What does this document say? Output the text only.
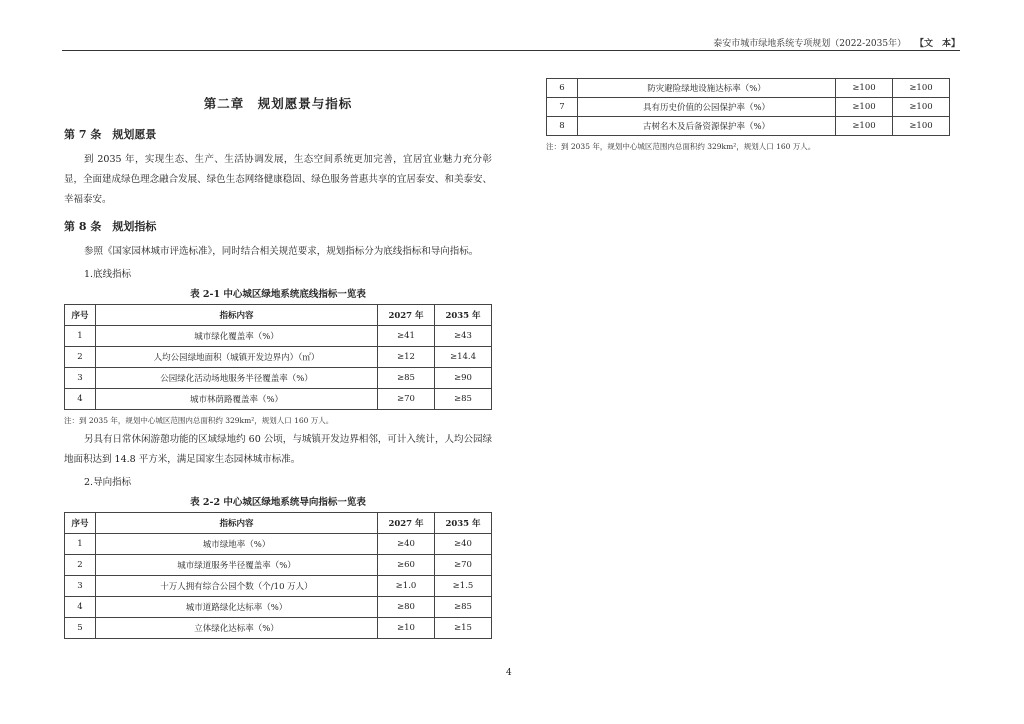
泰安市城市绿地系统专项规划（2022-2035年） 【文　本】
第二章　规划愿景与指标
第 7 条　规划愿景

到 2035 年，实现生态、生产、生活协调发展，生态空间系统更加完善，宜居宜业魅力充分彰显，全面建成绿色理念融合发展、绿色生态网络健康稳固、绿色服务普惠共享的宜居泰安、和美泰安、幸福泰安。

第 8 条　规划指标

参照《国家园林城市评选标准》，同时结合相关规范要求，规划指标分为底线指标和导向指标。

1.底线指标
表 2-1 中心城区绿地系统底线指标一览表
序号	指标内容	2027 年	2035 年
1	城市绿化覆盖率（%）	≥41	≥43
2	人均公园绿地面积（城镇开发边界内）（㎡）	≥12	≥14.4
3	公园绿化活动场地服务半径覆盖率（%）	≥85	≥90
4	城市林荫路覆盖率（%）	≥70	≥85
注：到 2035 年，规划中心城区范围内总面积约 329km²，规划人口 160 万人。

另具有日常休闲游憩功能的区域绿地约 60 公顷，与城镇开发边界相邻，可计入统计，人均公园绿地面积达到 14.8 平方米，满足国家生态园林城市标准。

2.导向指标
表 2-2 中心城区绿地系统导向指标一览表
序号	指标内容	2027 年	2035 年
1	城市绿地率（%）	≥40	≥40
2	城市绿道服务半径覆盖率（%）	≥60	≥70
3	十万人拥有综合公园个数（个/10 万人）	≥1.0	≥1.5
4	城市道路绿化达标率（%）	≥80	≥85
5	立体绿化达标率（%）	≥10	≥15
6	防灾避险绿地设施达标率（%）	≥100	≥100
7	具有历史价值的公园保护率（%）	≥100	≥100
8	古树名木及后备资源保护率（%）	≥100	≥100
注：到 2035 年，规划中心城区范围内总面积约 329km²，规划人口 160 万人。
4
